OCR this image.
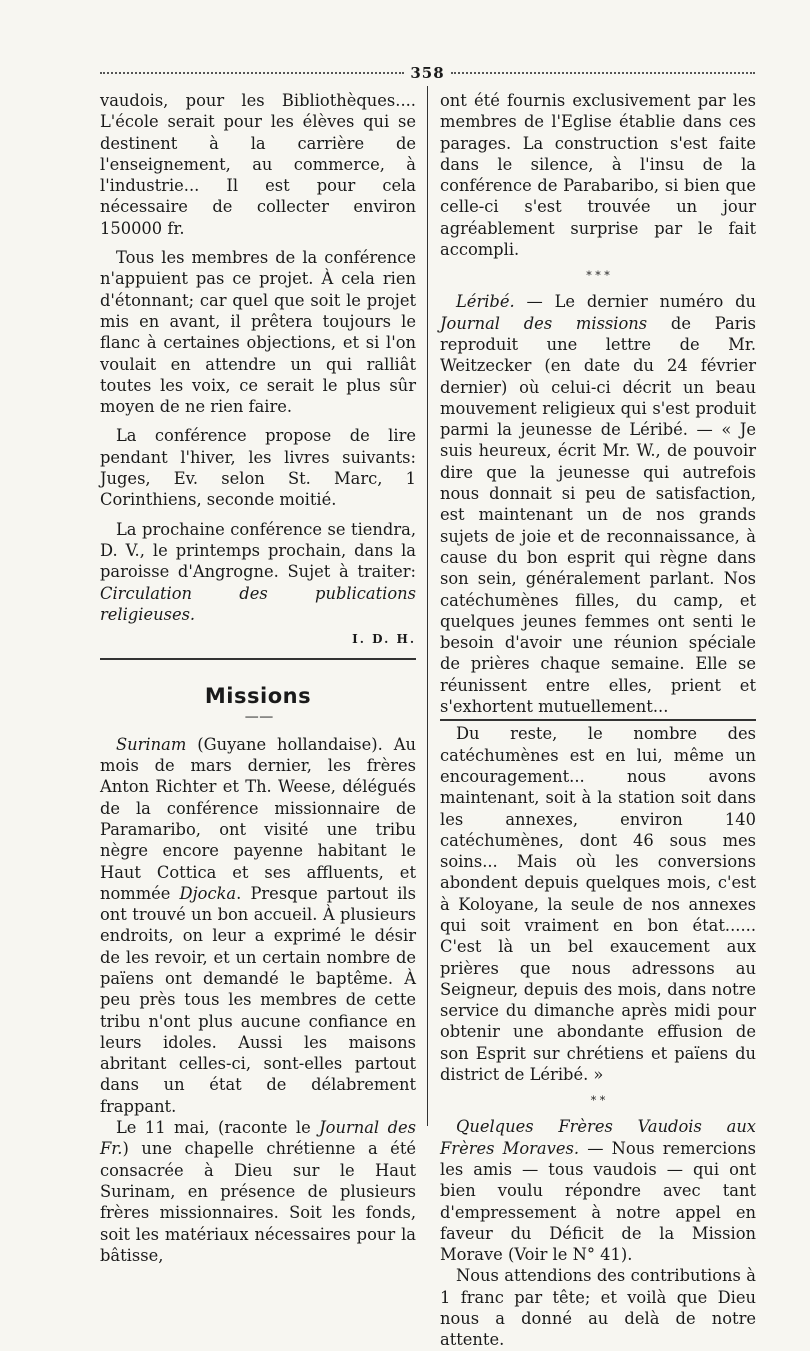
358

vaudois, pour les Bibliothèques.... L'école serait pour les élèves qui se destinent à la carrière de l'enseignement, au commerce, à l'industrie... Il est pour cela nécessaire de collecter environ 150000 fr.

Tous les membres de la conférence n'appuient pas ce projet. À cela rien d'étonnant; car quel que soit le projet mis en avant, il prêtera toujours le flanc à certaines objections, et si l'on voulait en attendre un qui ralliât toutes les voix, ce serait le plus sûr moyen de ne rien faire.

La conférence propose de lire pendant l'hiver, les livres suivants: Juges, Ev. selon St. Marc, 1 Corinthiens, seconde moitié.

La prochaine conférence se tiendra, D. V., le printemps prochain, dans la paroisse d'Angrogne. Sujet à traiter: Circulation des publications religieuses.

I. D. H.
Missions
— —

Surinam (Guyane hollandaise). Au mois de mars dernier, les frères Anton Richter et Th. Weese, délégués de la conférence missionnaire de Paramaribo, ont visité une tribu nègre encore payenne habitant le Haut Cottica et ses affluents, et nommée Djocka. Presque partout ils ont trouvé un bon accueil. À plusieurs endroits, on leur a exprimé le désir de les revoir, et un certain nombre de païens ont demandé le baptême. À peu près tous les membres de cette tribu n'ont plus aucune confiance en leurs idoles. Aussi les maisons abritant celles-ci, sont-elles partout dans un état de délabrement frappant.

Le 11 mai, (raconte le Journal des Fr.) une chapelle chrétienne a été consacrée à Dieu sur le Haut Surinam, en présence de plusieurs frères missionnaires. Soit les fonds, soit les matériaux nécessaires pour la bâtisse,

ont été fournis exclusivement par les membres de l'Eglise établie dans ces parages. La construction s'est faite dans le silence, à l'insu de la conférence de Parabaribo, si bien que celle-ci s'est trouvée un jour agréablement surprise par le fait accompli.

* * *

Léribé. — Le dernier numéro du Journal des missions de Paris reproduit une lettre de Mr. Weitzecker (en date du 24 février dernier) où celui-ci décrit un beau mouvement religieux qui s'est produit parmi la jeunesse de Léribé. — « Je suis heureux, écrit Mr. W., de pouvoir dire que la jeunesse qui autrefois nous donnait si peu de satisfaction, est maintenant un de nos grands sujets de joie et de reconnaissance, à cause du bon esprit qui règne dans son sein, généralement parlant. Nos catéchumènes filles, du camp, et quelques jeunes femmes ont senti le besoin d'avoir une réunion spéciale de prières chaque semaine. Elle se réunissent entre elles, prient et s'exhortent mutuellement...

Du reste, le nombre des catéchumènes est en lui, même un encouragement... nous avons maintenant, soit à la station soit dans les annexes, environ 140 catéchumènes, dont 46 sous mes soins... Mais où les conversions abondent depuis quelques mois, c'est à Koloyane, la seule de nos annexes qui soit vraiment en bon état...... C'est là un bel exaucement aux prières que nous adressons au Seigneur, depuis des mois, dans notre service du dimanche après midi pour obtenir une abondante effusion de son Esprit sur chrétiens et païens du district de Léribé. »

* *

Quelques Frères Vaudois aux Frères Moraves. — Nous remercions les amis — tous vaudois — qui ont bien voulu répondre avec tant d'empressement à notre appel en faveur du Déficit de la Mission Morave (Voir le N° 41).

Nous attendions des contributions à 1 franc par tête; et voilà que Dieu nous a donné au delà de notre attente.
